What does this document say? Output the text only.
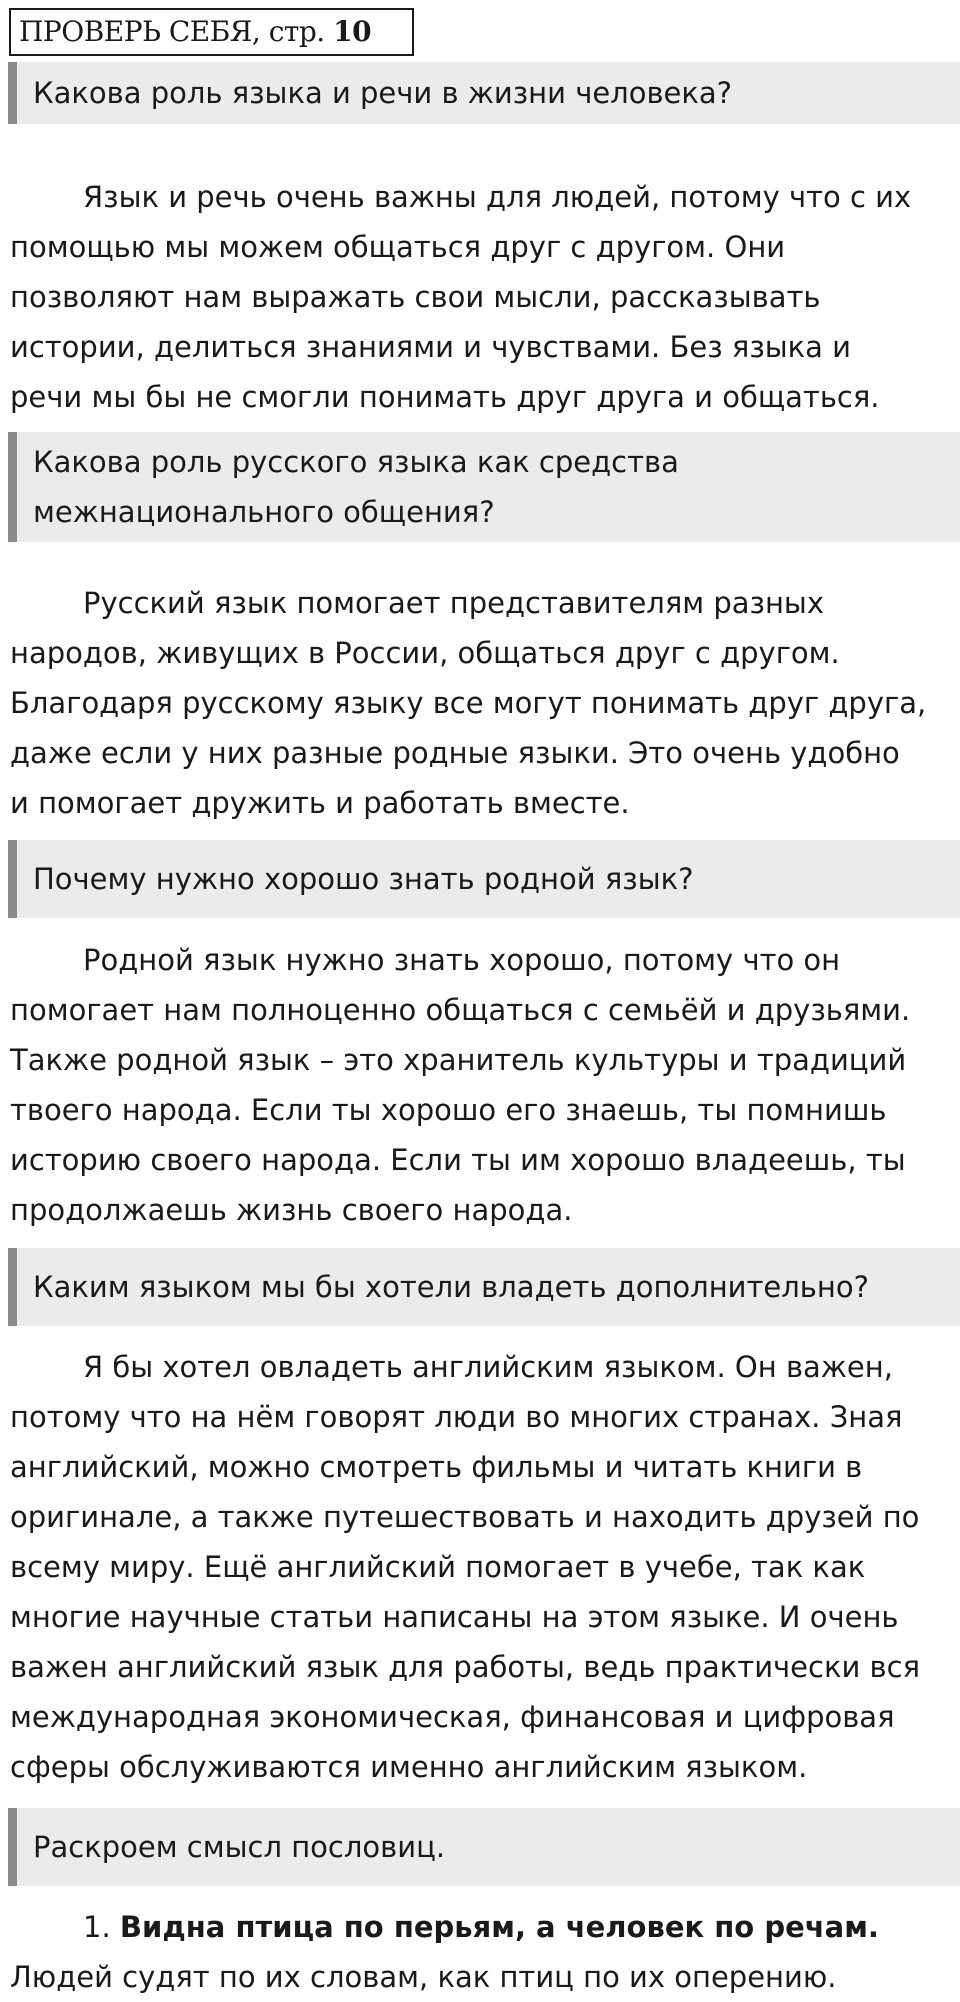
ПРОВЕРЬ СЕБЯ, стр. 10
Какова роль языка и речи в жизни человека?
Язык и речь очень важны для людей, потому что с их
помощью мы можем общаться друг с другом. Они
позволяют нам выражать свои мысли, рассказывать
истории, делиться знаниями и чувствами. Без языка и
речи мы бы не смогли понимать друг друга и общаться.
Какова роль русского языка как средства
межнационального общения?
Русский язык помогает представителям разных
народов, живущих в России, общаться друг с другом.
Благодаря русскому языку все могут понимать друг друга,
даже если у них разные родные языки. Это очень удобно
и помогает дружить и работать вместе.
Почему нужно хорошо знать родной язык?
Родной язык нужно знать хорошо, потому что он
помогает нам полноценно общаться с семьёй и друзьями.
Также родной язык – это хранитель культуры и традиций
твоего народа. Если ты хорошо его знаешь, ты помнишь
историю своего народа. Если ты им хорошо владеешь, ты
продолжаешь жизнь своего народа.
Каким языком мы бы хотели владеть дополнительно?
Я бы хотел овладеть английским языком. Он важен,
потому что на нём говорят люди во многих странах. Зная
английский, можно смотреть фильмы и читать книги в
оригинале, а также путешествовать и находить друзей по
всему миру. Ещё английский помогает в учебе, так как
многие научные статьи написаны на этом языке. И очень
важен английский язык для работы, ведь практически вся
международная экономическая, финансовая и цифровая
сферы обслуживаются именно английским языком.
Раскроем смысл пословиц.
1. Видна птица по перьям, а человек по речам.
Людей судят по их словам, как птиц по их оперению.
